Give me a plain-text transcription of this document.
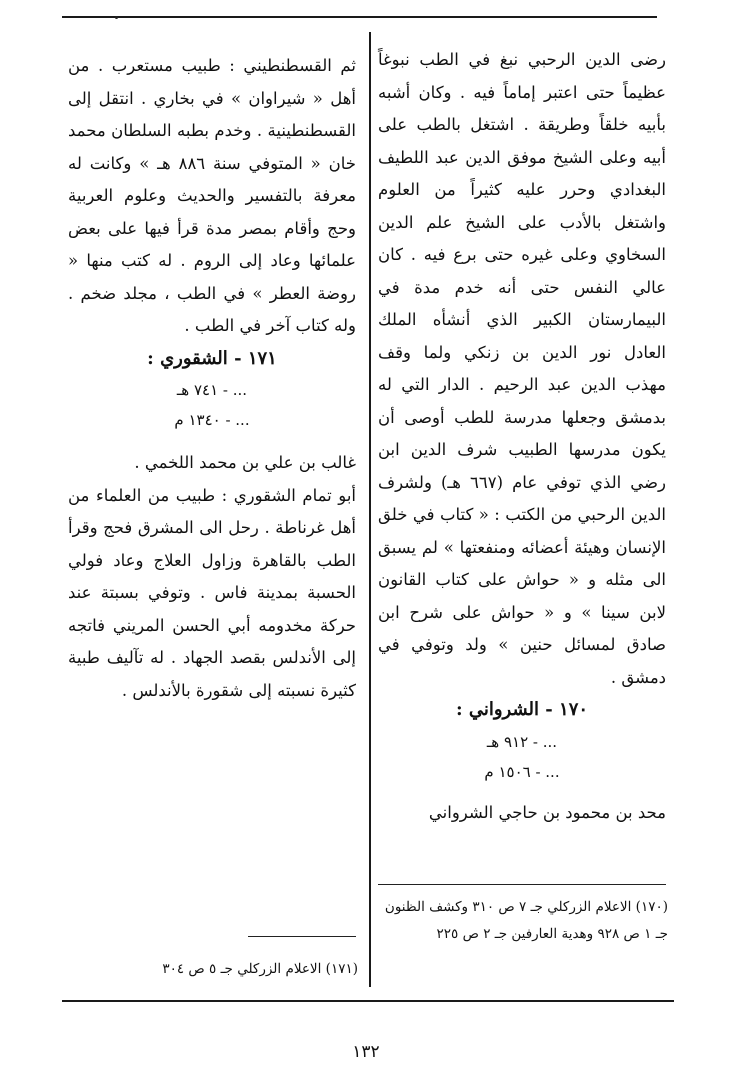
رضى الدين الرحبي نبغ في الطب نبوغاً عظيماً حتى اعتبر إماماً فيه . وكان أشبه بأبيه خلقاً وطريقة . اشتغل بالطب على أبيه وعلى الشيخ موفق الدين عبد اللطيف البغدادي وحرر عليه كثيراً من العلوم واشتغل بالأدب على الشيخ علم الدين السخاوي وعلى غيره حتى برع فيه . كان عالي النفس حتى أنه خدم مدة في البيمارستان الكبير الذي أنشأه الملك العادل نور الدين بن زنكي ولما وقف مهذب الدين عبد الرحيم . الدار التي له بدمشق وجعلها مدرسة للطب أوصى أن يكون مدرسها الطبيب شرف الدين ابن رضي الذي توفي عام (٦٦٧ هـ) ولشرف الدين الرحبي من الكتب : « كتاب في خلق الإنسان وهيئة أعضائه ومنفعتها » لم يسبق الى مثله و « حواش على كتاب القانون لابن سينا » و « حواش على شرح ابن صادق لمسائل حنين » ولد وتوفي في دمشق .

١٧٠ - الشرواني :

... - ٩١٢ هـ

... - ١٥٠٦ م

محد بن محمود بن حاجي الشرواني

(١٧٠) الاعلام الزركلي جـ ٧ ص ٣١٠ وكشف الظنون جـ ١ ص ٩٢٨ وهدية العارفين جـ ٢ ص ٢٢٥

ثم القسطنطيني : طبيب مستعرب . من أهل « شيراوان » في بخاري . انتقل إلى القسطنطينية . وخدم بطبه السلطان محمد خان « المتوفي سنة ٨٨٦ هـ » وكانت له معرفة بالتفسير والحديث وعلوم العربية وحج وأقام بمصر مدة قرأ فيها على بعض علمائها وعاد إلى الروم . له كتب منها « روضة العطر » في الطب ، مجلد ضخم . وله كتاب آخر في الطب .

١٧١ - الشقوري :

... - ٧٤١ هـ

... - ١٣٤٠ م

غالب بن علي بن محمد اللخمي .

أبو تمام الشقوري : طبيب من العلماء من أهل غرناطة . رحل الى المشرق فحج وقرأ الطب بالقاهرة وزاول العلاج وعاد فولي الحسبة بمدينة فاس . وتوفي بسبتة عند حركة مخدومه أبي الحسن المريني فاتجه إلى الأندلس بقصد الجهاد . له تآليف طبية كثيرة نسبته إلى شقورة بالأندلس .

(١٧١) الاعلام الزركلي جـ ٥ ص ٣٠٤
١٣٢
